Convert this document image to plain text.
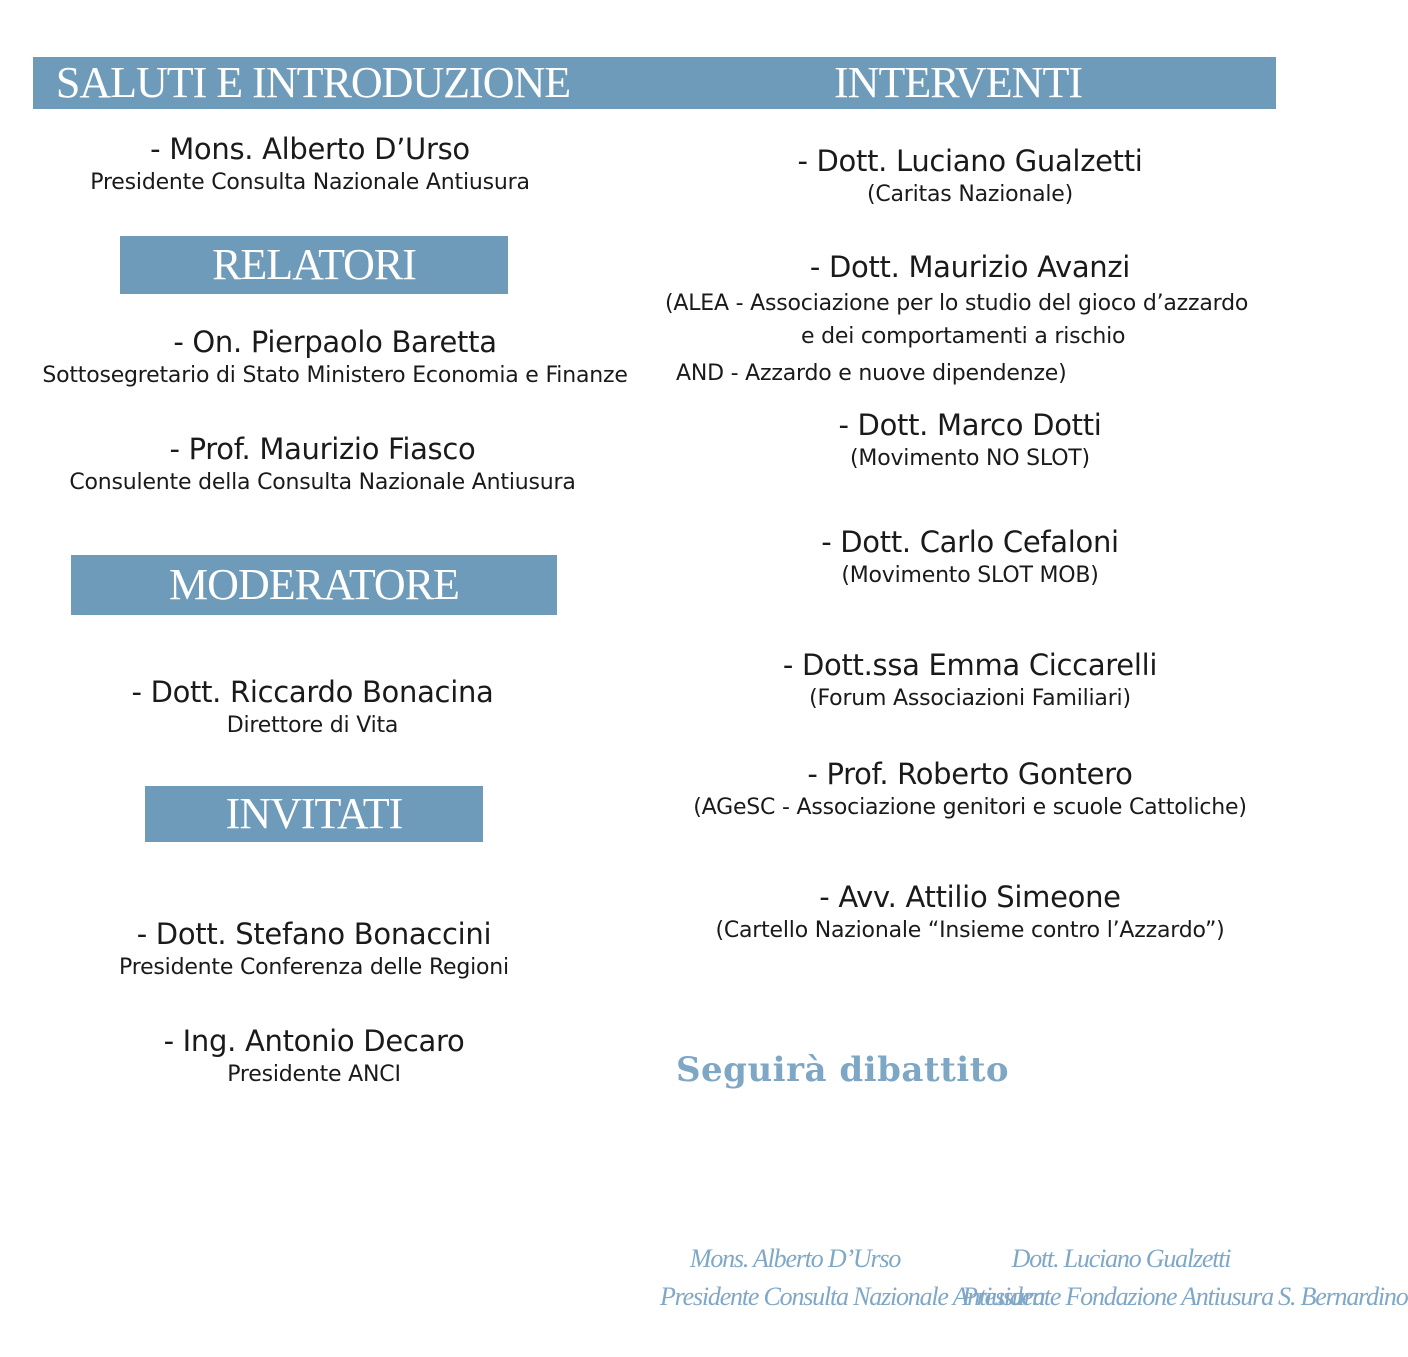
SALUTI E INTRODUZIONE	INTERVENTI
- Mons. Alberto D’Urso
Presidente Consulta Nazionale Antiusura
RELATORI
- On. Pierpaolo Baretta
Sottosegretario di Stato Ministero Economia e Finanze
- Prof. Maurizio Fiasco
Consulente della Consulta Nazionale Antiusura
MODERATORE
- Dott. Riccardo Bonacina
Direttore di Vita
INVITATI
- Dott. Stefano Bonaccini
Presidente Conferenza delle Regioni
- Ing. Antonio Decaro
Presidente ANCI
- Dott. Luciano Gualzetti
(Caritas Nazionale)
- Dott. Maurizio Avanzi
(ALEA - Associazione per lo studio del gioco d’azzardo
e dei comportamenti a rischio
AND - Azzardo e nuove dipendenze)
- Dott. Marco Dotti
(Movimento NO SLOT)
- Dott. Carlo Cefaloni
(Movimento SLOT MOB)
- Dott.ssa Emma Ciccarelli
(Forum Associazioni Familiari)
- Prof. Roberto Gontero
(AGeSC - Associazione genitori e scuole Cattoliche)
- Avv. Attilio Simeone
(Cartello Nazionale “Insieme contro l’Azzardo”)
Seguirà dibattito
Mons. Alberto D’Urso
Presidente Consulta Nazionale Antiusura
Dott. Luciano Gualzetti
Presidente Fondazione Antiusura S. Bernardino
